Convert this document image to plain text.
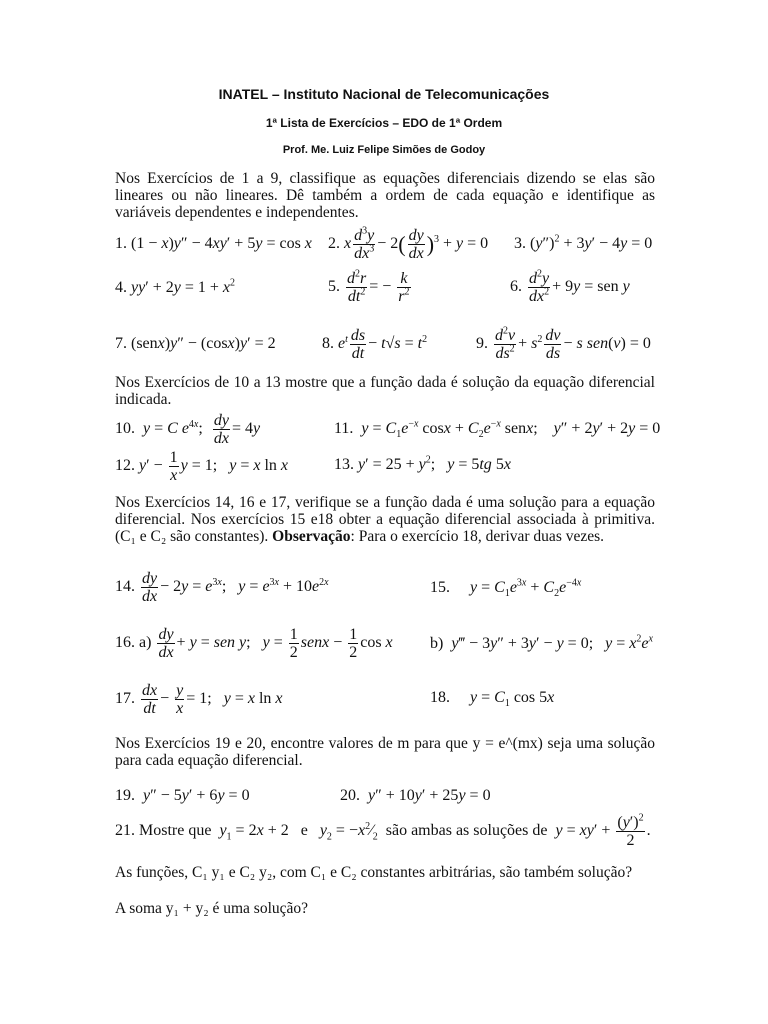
INATEL – Instituto Nacional de Telecomunicações
1ª Lista de Exercícios – EDO de 1ª Ordem
Prof. Me. Luiz Felipe Simões de Godoy
Nos Exercícios de 1 a 9, classifique as equações diferenciais dizendo se elas são lineares ou não lineares. Dê também a ordem de cada equação e identifique as variáveis dependentes e independentes.
1. (1 − x)y″ − 4xy′ + 5y = cos x 2. x $\frac{d^3y}{dx^3} - 2( \frac{dy}{dx} )^3 + y = 0$ 3. $(y'')^2 + 3y' - 4y = 0$
4. $yy' + 2y = 1 + x^2$	5. $\frac{d^2r}{dt^2}$ = − $\frac{k}{r^2}$	6. $\frac{d^2y}{dx^2} + 9y$ = sen y
7. (senx)y″ − (cosx)y′ = 2	8. $e^t \frac{ds}{dt} - t√s = t^2$	9. $\frac{d^2v}{ds^2} + s^2 \frac{dv}{ds} - s$ sen(v) = 0
Nos Exercícios de 10 a 13 mostre que a função dada é solução da equação diferencial indicada.
10.  y = C $e^{4x}$; $\frac{dy}{dx} = 4y$	11.  $y = C_1e^{-x}$ $\cos x + C_2e^{-x}$ senx;    y″ + 2y′ + 2y = 0
12. $y' - \frac{1}{x}$ y = 1;   y = x ln x	13. $y' = 25 + y^2$;   y = 5tg 5x
Nos Exercícios 14, 16 e 17, verifique se a função dada é uma solução para a equação diferencial. Nos exercícios 15 e18 obter a equação diferencial associada à primitiva. (C₁ e C₂ são constantes). Observação: Para o exercício 18, derivar duas vezes.
14. $\frac{dy}{dx} - 2y = e^{3x}$;   $y = e^{3x} + 10e^{2x}$	15.     $y = C_1e^{3x} + C_2e^{-4x}$
16. $a) \frac{dy}{dx} + y$ = sen y;   $y = \frac{1}{2}$ senx − $\frac{1}{2}$ cos x b)  y‴ − 3y″ + 3y′ − y = 0;   $y = x^2e^x$
17. $\frac{dx}{dt} - \frac{y}{x} = 1$;   y = x ln x	18.     $y = C_1$ cos 5x
Nos Exercícios 19 e 20, encontre valores de m para que y = e^(mx) seja uma solução para cada equação diferencial.
19.  y″ − 5y′ + 6y = 0	20.  y″ + 10y′ + 25y = 0
21. Mostre que  $y_1 = 2x + 2$   e   $y_2$ = $-x^2⁄_2$  são ambas as soluções de  $y = xy' + \frac{(y')^2}{2}$ .
As funções, C₁ y₁ e C₂ y₂, com C₁ e C₂ constantes arbitrárias, são também solução?
A soma y₁ + y₂ é uma solução?
